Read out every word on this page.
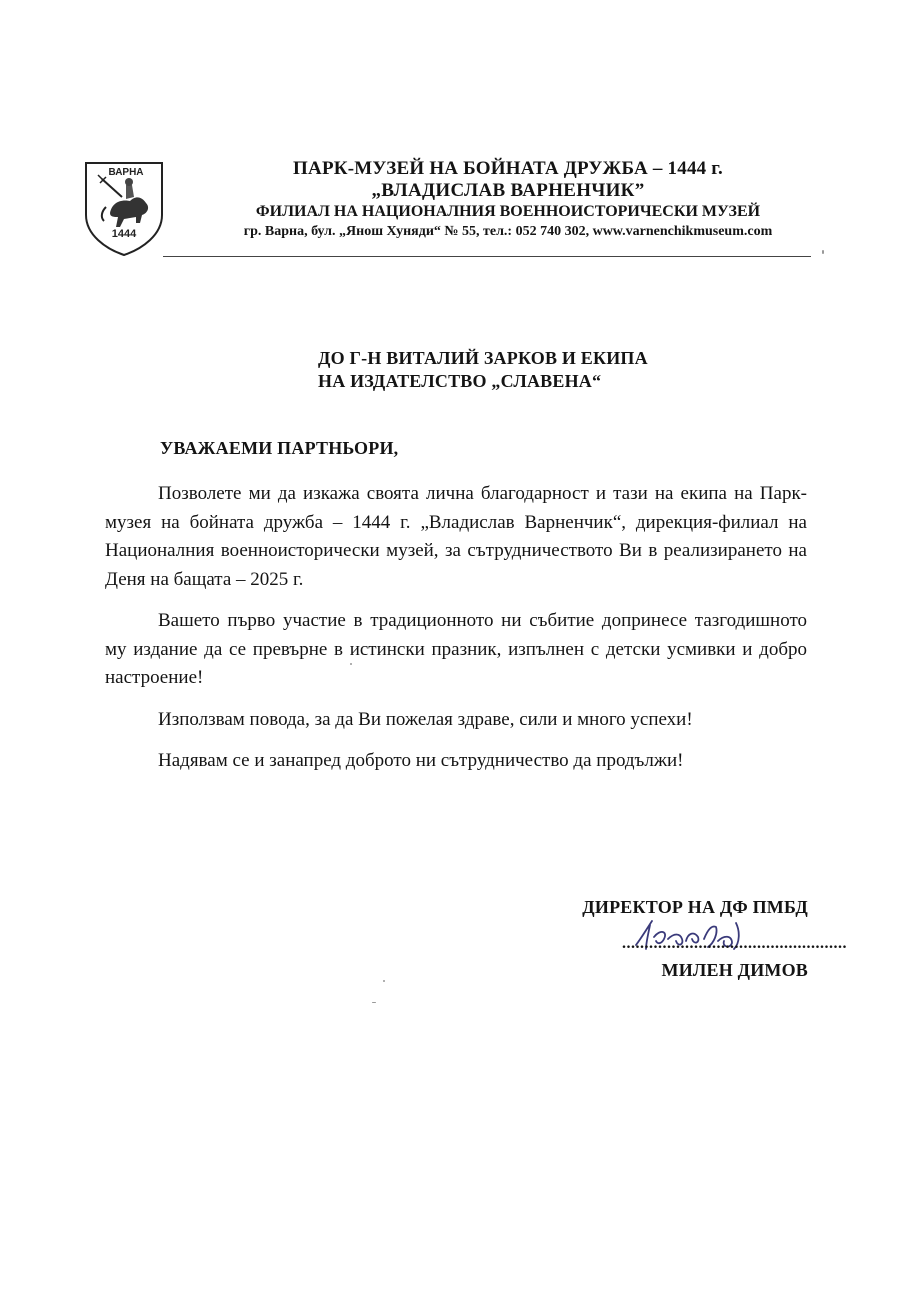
ВАРНА
1444
ПАРК-МУЗЕЙ НА БОЙНАТА ДРУЖБА – 1444 г.
„ВЛАДИСЛАВ ВАРНЕНЧИК”
ФИЛИАЛ НА НАЦИОНАЛНИЯ ВОЕННОИСТОРИЧЕСКИ МУЗЕЙ
гр. Варна, бул. „Янош Хуняди“ № 55, тел.: 052 740 302, www.varnenchikmuseum.com
ДО Г-Н ВИТАЛИЙ ЗАРКОВ И ЕКИПА
НА ИЗДАТЕЛСТВО „СЛАВЕНА“
УВАЖАЕМИ ПАРТНЬОРИ,

Позволете ми да изкажа своята лична благодарност и тази на екипа на Парк-музея на бойната дружба – 1444 г. „Владислав Варненчик“, дирекция-филиал на Националния военноисторически музей, за сътрудничеството Ви в реализирането на Деня на бащата – 2025 г.

Вашето първо участие в традиционното ни събитие допринесе тазгодишното му издание да се превърне в истински празник, изпълнен с детски усмивки и добро настроение!

Използвам повода, за да Ви пожелая здраве, сили и много успехи!

Надявам се и занапред доброто ни сътрудничество да продължи!

ДИРЕКТОР НА ДФ ПМБД
..................................................
МИЛЕН ДИМОВ
